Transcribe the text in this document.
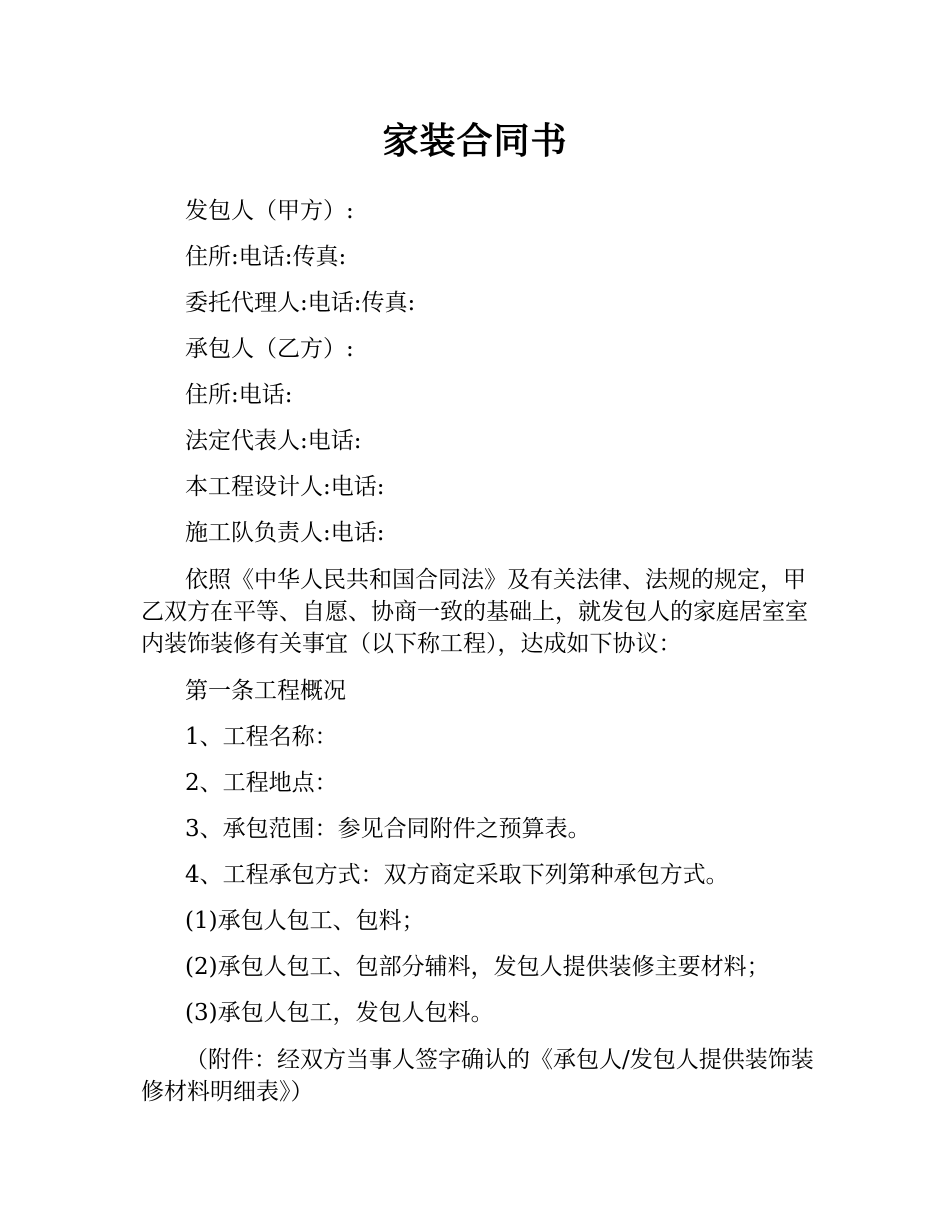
家装合同书
发包人（甲方）:
住所:电话:传真:
委托代理人:电话:传真:
承包人（乙方）:
住所:电话:
法定代表人:电话:
本工程设计人:电话:
施工队负责人:电话:
依照《中华人民共和国合同法》及有关法律、法规的规定，甲乙双方在平等、自愿、协商一致的基础上，就发包人的家庭居室室内装饰装修有关事宜（以下称工程），达成如下协议：
第一条工程概况
1、工程名称：
2、工程地点：
3、承包范围：参见合同附件之预算表。
4、工程承包方式：双方商定采取下列第种承包方式。
(1)承包人包工、包料；
(2)承包人包工、包部分辅料，发包人提供装修主要材料；
(3)承包人包工，发包人包料。
（附件：经双方当事人签字确认的《承包人/发包人提供装饰装修材料明细表》）
